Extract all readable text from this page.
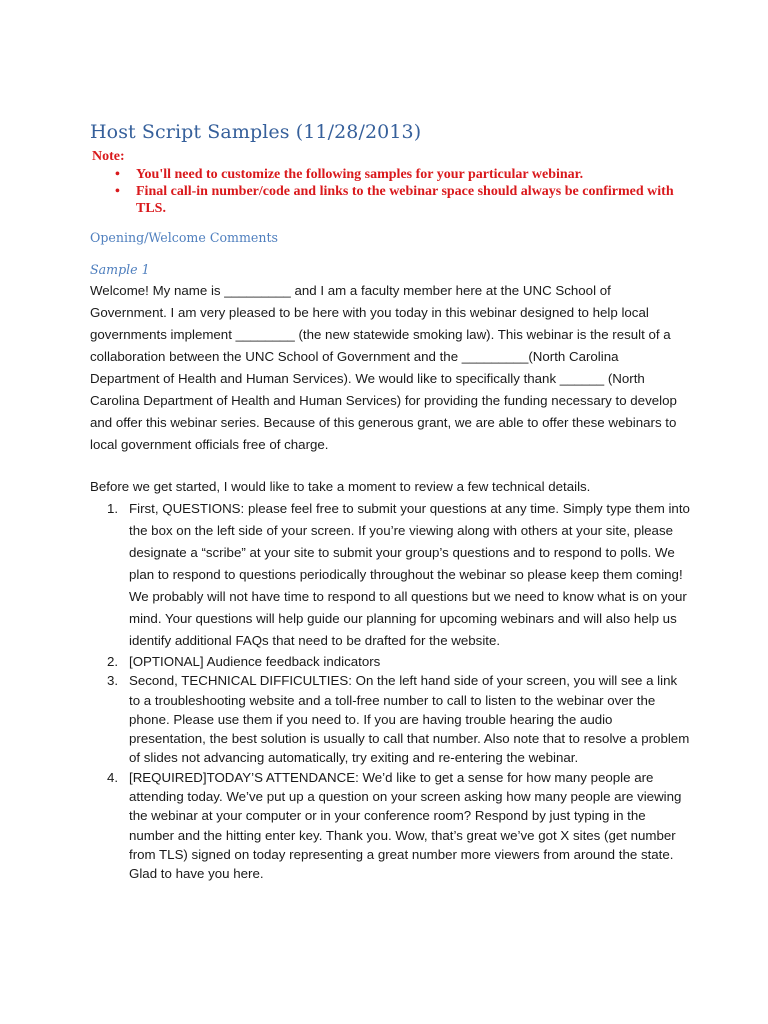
Host Script Samples (11/28/2013)
Note:
• You'll need to customize the following samples for your particular webinar.
• Final call-in number/code and links to the webinar space should always be confirmed with TLS.
Opening/Welcome Comments
Sample 1

Welcome! My name is _________ and I am a faculty member here at the UNC School of Government. I am very pleased to be here with you today in this webinar designed to help local governments implement ________ (the new statewide smoking law). This webinar is the result of a collaboration between the UNC School of Government and the _________(North Carolina Department of Health and Human Services). We would like to specifically thank ______ (North Carolina Department of Health and Human Services) for providing the funding necessary to develop and offer this webinar series. Because of this generous grant, we are able to offer these webinars to local government officials free of charge.

Before we get started, I would like to take a moment to review a few technical details.

1. First, QUESTIONS: please feel free to submit your questions at any time. Simply type them into the box on the left side of your screen. If you’re viewing along with others at your site, please designate a “scribe” at your site to submit your group’s questions and to respond to polls. We plan to respond to questions periodically throughout the webinar so please keep them coming! We probably will not have time to respond to all questions but we need to know what is on your mind. Your questions will help guide our planning for upcoming webinars and will also help us identify additional FAQs that need to be drafted for the website.
2. [OPTIONAL] Audience feedback indicators
3. Second, TECHNICAL DIFFICULTIES: On the left hand side of your screen, you will see a link to a troubleshooting website and a toll-free number to call to listen to the webinar over the phone. Please use them if you need to. If you are having trouble hearing the audio presentation, the best solution is usually to call that number. Also note that to resolve a problem of slides not advancing automatically, try exiting and re-entering the webinar.
4. [REQUIRED]TODAY’S ATTENDANCE: We’d like to get a sense for how many people are attending today. We’ve put up a question on your screen asking how many people are viewing the webinar at your computer or in your conference room? Respond by just typing in the number and the hitting enter key. Thank you. Wow, that’s great we’ve got X sites (get number from TLS) signed on today representing a great number more viewers from around the state. Glad to have you here.
